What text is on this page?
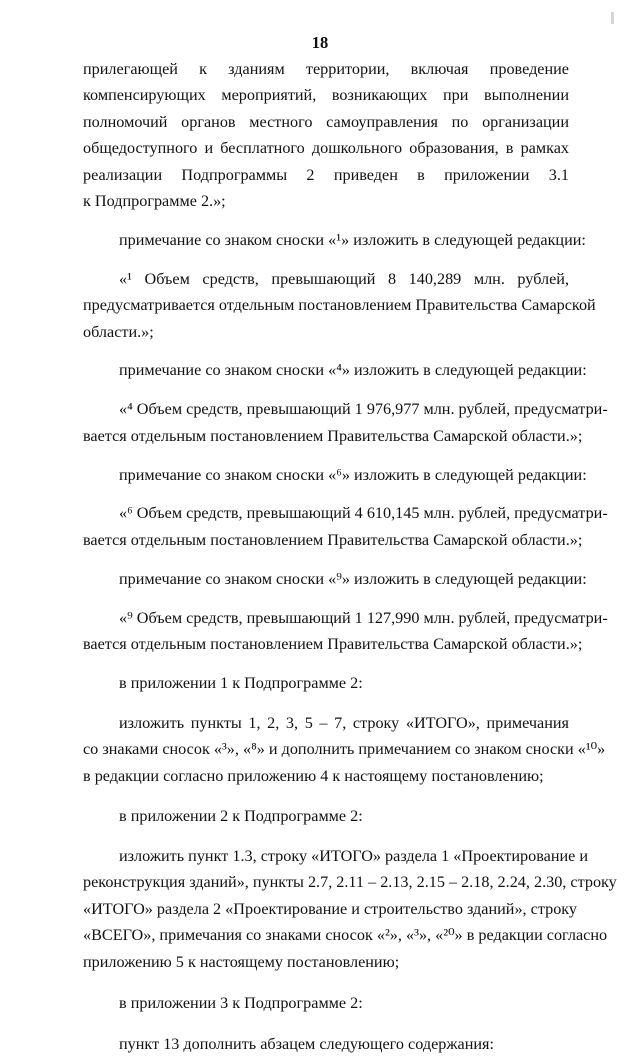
18
прилегающей к зданиям территории, включая проведение
компенсирующих мероприятий, возникающих при выполнении
полномочий органов местного самоуправления по организации
общедоступного и бесплатного дошкольного образования, в рамках
реализации Подпрограммы 2 приведен в приложении 3.1
к Подпрограмме 2.»;
примечание со знаком сноски «¹» изложить в следующей редакции:
«¹ Объем средств, превышающий 8 140,289 млн. рублей,
предусматривается отдельным постановлением Правительства Самарской
области.»;
примечание со знаком сноски «⁴» изложить в следующей редакции:
«⁴ Объем средств, превышающий 1 976,977 млн. рублей, предусматри-
вается отдельным постановлением Правительства Самарской области.»;
примечание со знаком сноски «⁶» изложить в следующей редакции:
«⁶ Объем средств, превышающий 4 610,145 млн. рублей, предусматри-
вается отдельным постановлением Правительства Самарской области.»;
примечание со знаком сноски «⁹» изложить в следующей редакции:
«⁹ Объем средств, превышающий 1 127,990 млн. рублей, предусматри-
вается отдельным постановлением Правительства Самарской области.»;
в приложении 1 к Подпрограмме 2:
изложить пункты 1, 2, 3, 5 – 7, строку «ИТОГО», примечания
со знаками сносок «³», «⁸» и дополнить примечанием со знаком сноски «¹⁰»
в редакции согласно приложению 4 к настоящему постановлению;
в приложении 2 к Подпрограмме 2:
изложить пункт 1.3, строку «ИТОГО» раздела 1 «Проектирование и
реконструкция зданий», пункты 2.7, 2.11 – 2.13, 2.15 – 2.18, 2.24, 2.30, строку
«ИТОГО» раздела 2 «Проектирование и строительство зданий», строку
«ВСЕГО», примечания со знаками сносок «²», «³», «²⁰» в редакции согласно
приложению 5 к настоящему постановлению;
в приложении 3 к Подпрограмме 2:
пункт 13 дополнить абзацем следующего содержания:
